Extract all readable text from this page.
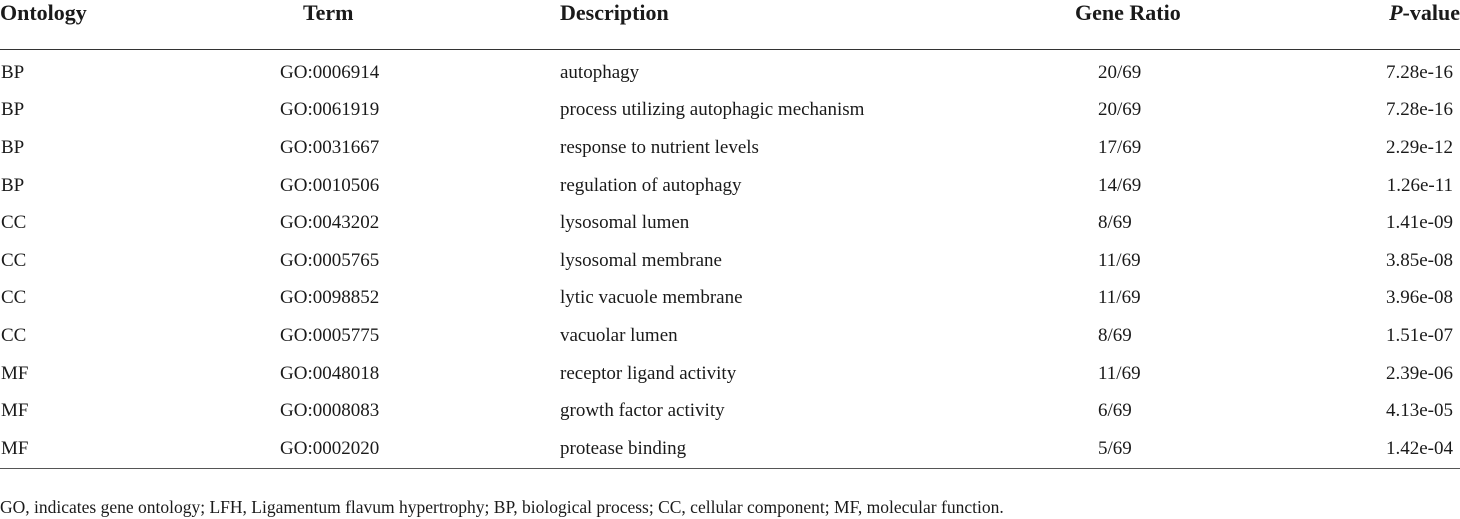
Ontology	Term	Description	Gene Ratio	P-value
BP	GO:0006914	autophagy	20/69	7.28e-16
BP	GO:0061919	process utilizing autophagic mechanism	20/69	7.28e-16
BP	GO:0031667	response to nutrient levels	17/69	2.29e-12
BP	GO:0010506	regulation of autophagy	14/69	1.26e-11
CC	GO:0043202	lysosomal lumen	8/69	1.41e-09
CC	GO:0005765	lysosomal membrane	11/69	3.85e-08
CC	GO:0098852	lytic vacuole membrane	11/69	3.96e-08
CC	GO:0005775	vacuolar lumen	8/69	1.51e-07
MF	GO:0048018	receptor ligand activity	11/69	2.39e-06
MF	GO:0008083	growth factor activity	6/69	4.13e-05
MF	GO:0002020	protease binding	5/69	1.42e-04
GO, indicates gene ontology; LFH, Ligamentum flavum hypertrophy; BP, biological process; CC, cellular component; MF, molecular function.
